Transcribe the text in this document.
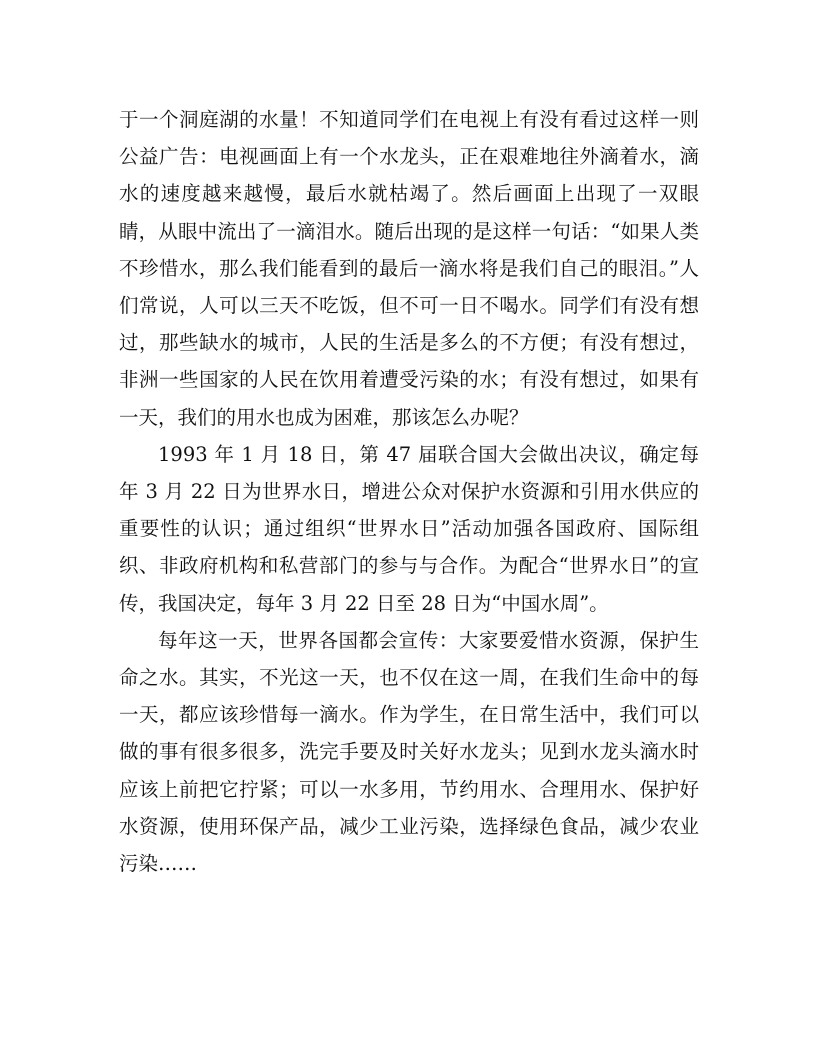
于一个洞庭湖的水量！不知道同学们在电视上有没有看过这样一则公益广告：电视画面上有一个水龙头，正在艰难地往外滴着水，滴水的速度越来越慢，最后水就枯竭了。然后画面上出现了一双眼睛，从眼中流出了一滴泪水。随后出现的是这样一句话：“如果人类不珍惜水，那么我们能看到的最后一滴水将是我们自己的眼泪。”人们常说，人可以三天不吃饭，但不可一日不喝水。同学们有没有想过，那些缺水的城市，人民的生活是多么的不方便；有没有想过，非洲一些国家的人民在饮用着遭受污染的水；有没有想过，如果有一天，我们的用水也成为困难，那该怎么办呢？

1993 年 1 月 18 日，第 47 届联合国大会做出决议，确定每年 3 月 22 日为世界水日，增进公众对保护水资源和引用水供应的重要性的认识；通过组织“世界水日”活动加强各国政府、国际组织、非政府机构和私营部门的参与与合作。为配合“世界水日”的宣传，我国决定，每年 3 月 22 日至 28 日为“中国水周”。

每年这一天，世界各国都会宣传：大家要爱惜水资源，保护生命之水。其实，不光这一天，也不仅在这一周，在我们生命中的每一天，都应该珍惜每一滴水。作为学生，在日常生活中，我们可以做的事有很多很多，洗完手要及时关好水龙头；见到水龙头滴水时应该上前把它拧紧；可以一水多用，节约用水、合理用水、保护好水资源，使用环保产品，减少工业污染，选择绿色食品，减少农业污染……
